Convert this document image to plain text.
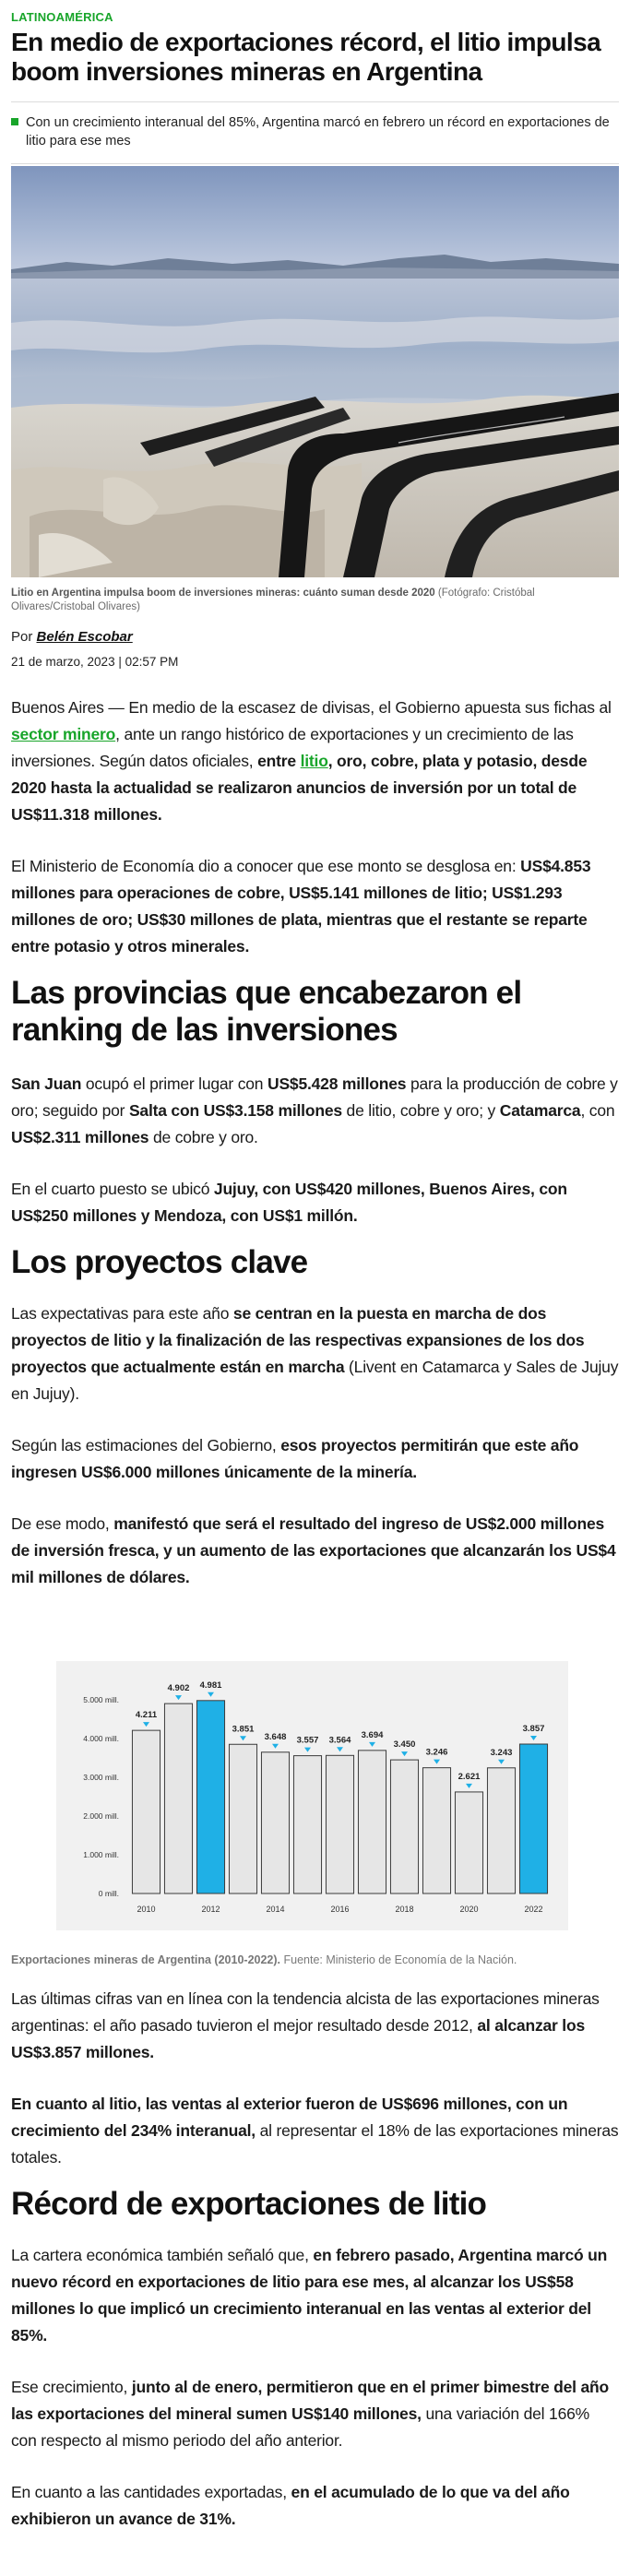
LATINOAMÉRICA
En medio de exportaciones récord, el litio impulsa boom inversiones mineras en Argentina

Con un crecimiento interanual del 85%, Argentina marcó en febrero un récord en exportaciones de litio para ese mes

Litio en Argentina impulsa boom de inversiones mineras: cuánto suman desde 2020 (Fotógrafo: Cristóbal Olivares/Cristobal Olivares)

Por Belén Escobar

21 de marzo, 2023 | 02:57 PM

Buenos Aires — En medio de la escasez de divisas, el Gobierno apuesta sus fichas al sector minero, ante un rango histórico de exportaciones y un crecimiento de las inversiones. Según datos oficiales, entre litio, oro, cobre, plata y potasio, desde 2020 hasta la actualidad se realizaron anuncios de inversión por un total de US$11.318 millones.

El Ministerio de Economía dio a conocer que ese monto se desglosa en: US$4.853 millones para operaciones de cobre, US$5.141 millones de litio; US$1.293 millones de oro; US$30 millones de plata, mientras que el restante se reparte entre potasio y otros minerales.

Las provincias que encabezaron el ranking de las inversiones

San Juan ocupó el primer lugar con US$5.428 millones para la producción de cobre y oro; seguido por Salta con US$3.158 millones de litio, cobre y oro; y Catamarca, con US$2.311 millones de cobre y oro.

En el cuarto puesto se ubicó Jujuy, con US$420 millones, Buenos Aires, con US$250 millones y Mendoza, con US$1 millón.

Los proyectos clave

Las expectativas para este año se centran en la puesta en marcha de dos proyectos de litio y la finalización de las respectivas expansiones de los dos proyectos que actualmente están en marcha (Livent en Catamarca y Sales de Jujuy en Jujuy).

Según las estimaciones del Gobierno, esos proyectos permitirán que este año ingresen US$6.000 millones únicamente de la minería.

De ese modo, manifestó que será el resultado del ingreso de US$2.000 millones de inversión fresca, y un aumento de las exportaciones que alcanzarán los US$4 mil millones de dólares.

0 mill.
1.000 mill.
2.000 mill.
3.000 mill.
4.000 mill.
5.000 mill.
4.211
2010
4.902 4.981
2012
3.851
3.648
2014
3.557 3.564
2016
3.694
3.450
2018
3.246
2.621
2020
3.243
3.857
2022

Exportaciones mineras de Argentina (2010-2022). Fuente: Ministerio de Economía de la Nación.

Las últimas cifras van en línea con la tendencia alcista de las exportaciones mineras argentinas: el año pasado tuvieron el mejor resultado desde 2012, al alcanzar los US$3.857 millones.

En cuanto al litio, las ventas al exterior fueron de US$696 millones, con un crecimiento del 234% interanual, al representar el 18% de las exportaciones mineras totales.

Récord de exportaciones de litio

La cartera económica también señaló que, en febrero pasado, Argentina marcó un nuevo récord en exportaciones de litio para ese mes, al alcanzar los US$58 millones lo que implicó un crecimiento interanual en las ventas al exterior del 85%.

Ese crecimiento, junto al de enero, permitieron que en el primer bimestre del año las exportaciones del mineral sumen US$140 millones, una variación del 166% con respecto al mismo periodo del año anterior.

En cuanto a las cantidades exportadas, en el acumulado de lo que va del año exhibieron un avance de 31%.
